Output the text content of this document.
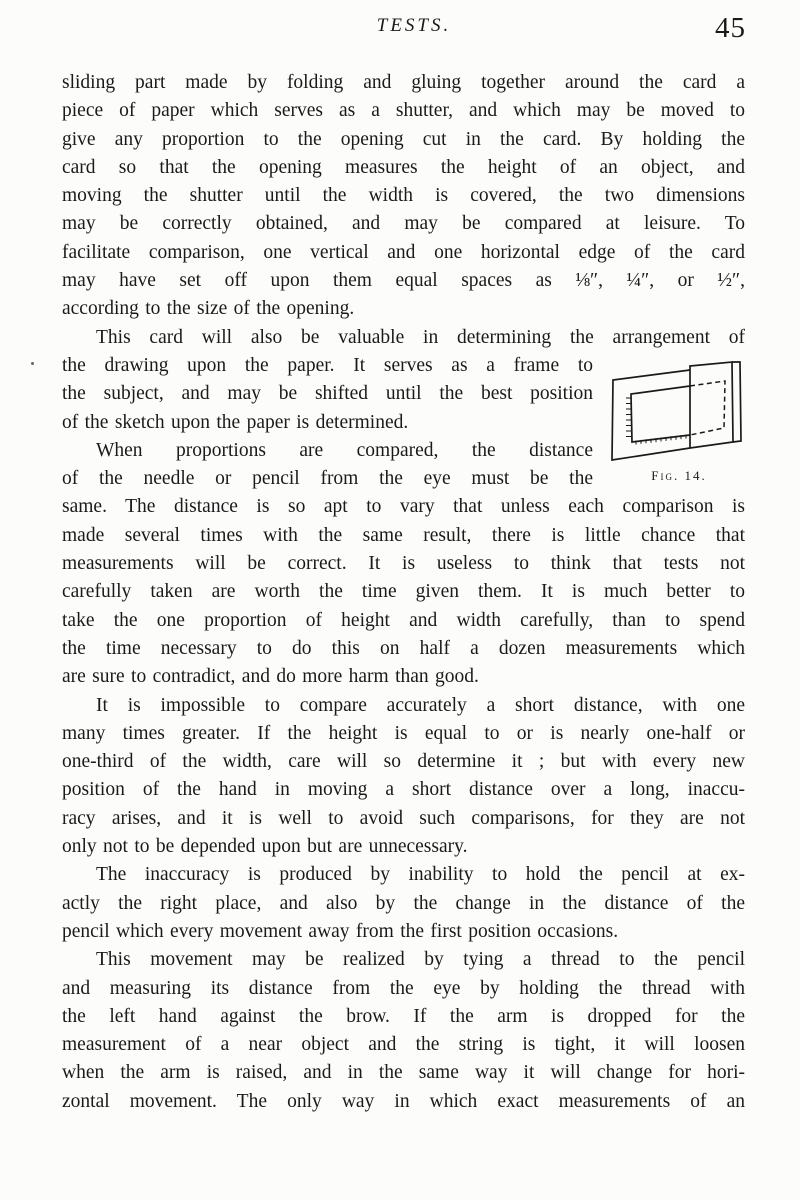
TESTS.	45
sliding part made by folding and gluing together around the card a
piece of paper which serves as a shutter, and which may be moved to
give any proportion to the opening cut in the card. By holding the
card so that the opening measures the height of an object, and
moving the shutter until the width is covered, the two dimensions
may be correctly obtained, and may be compared at leisure. To
facilitate comparison, one vertical and one horizontal edge of the card
may have set off upon them equal spaces as ⅛″, ¼″, or ½″,
according to the size of the opening.
This card will also be valuable in determining the arrangement of
the drawing upon the paper. It serves as a frame to
the subject, and may be shifted until the best position
of the sketch upon the paper is determined.
When proportions are compared, the distance
of the needle or pencil from the eye must be the
same. The distance is so apt to vary that unless each comparison is
made several times with the same result, there is little chance that
measurements will be correct. It is useless to think that tests not
carefully taken are worth the time given them. It is much better to
take the one proportion of height and width carefully, than to spend
the time necessary to do this on half a dozen measurements which
are sure to contradict, and do more harm than good.
It is impossible to compare accurately a short distance, with one
many times greater. If the height is equal to or is nearly one-half or
one-third of the width, care will so determine it ; but with every new
position of the hand in moving a short distance over a long, inaccu-
racy arises, and it is well to avoid such comparisons, for they are not
only not to be depended upon but are unnecessary.
The inaccuracy is produced by inability to hold the pencil at ex-
actly the right place, and also by the change in the distance of the
pencil which every movement away from the first position occasions.
This movement may be realized by tying a thread to the pencil
and measuring its distance from the eye by holding the thread with
the left hand against the brow. If the arm is dropped for the
measurement of a near object and the string is tight, it will loosen
when the arm is raised, and in the same way it will change for hori-
zontal movement. The only way in which exact measurements of an
Fig. 14.
